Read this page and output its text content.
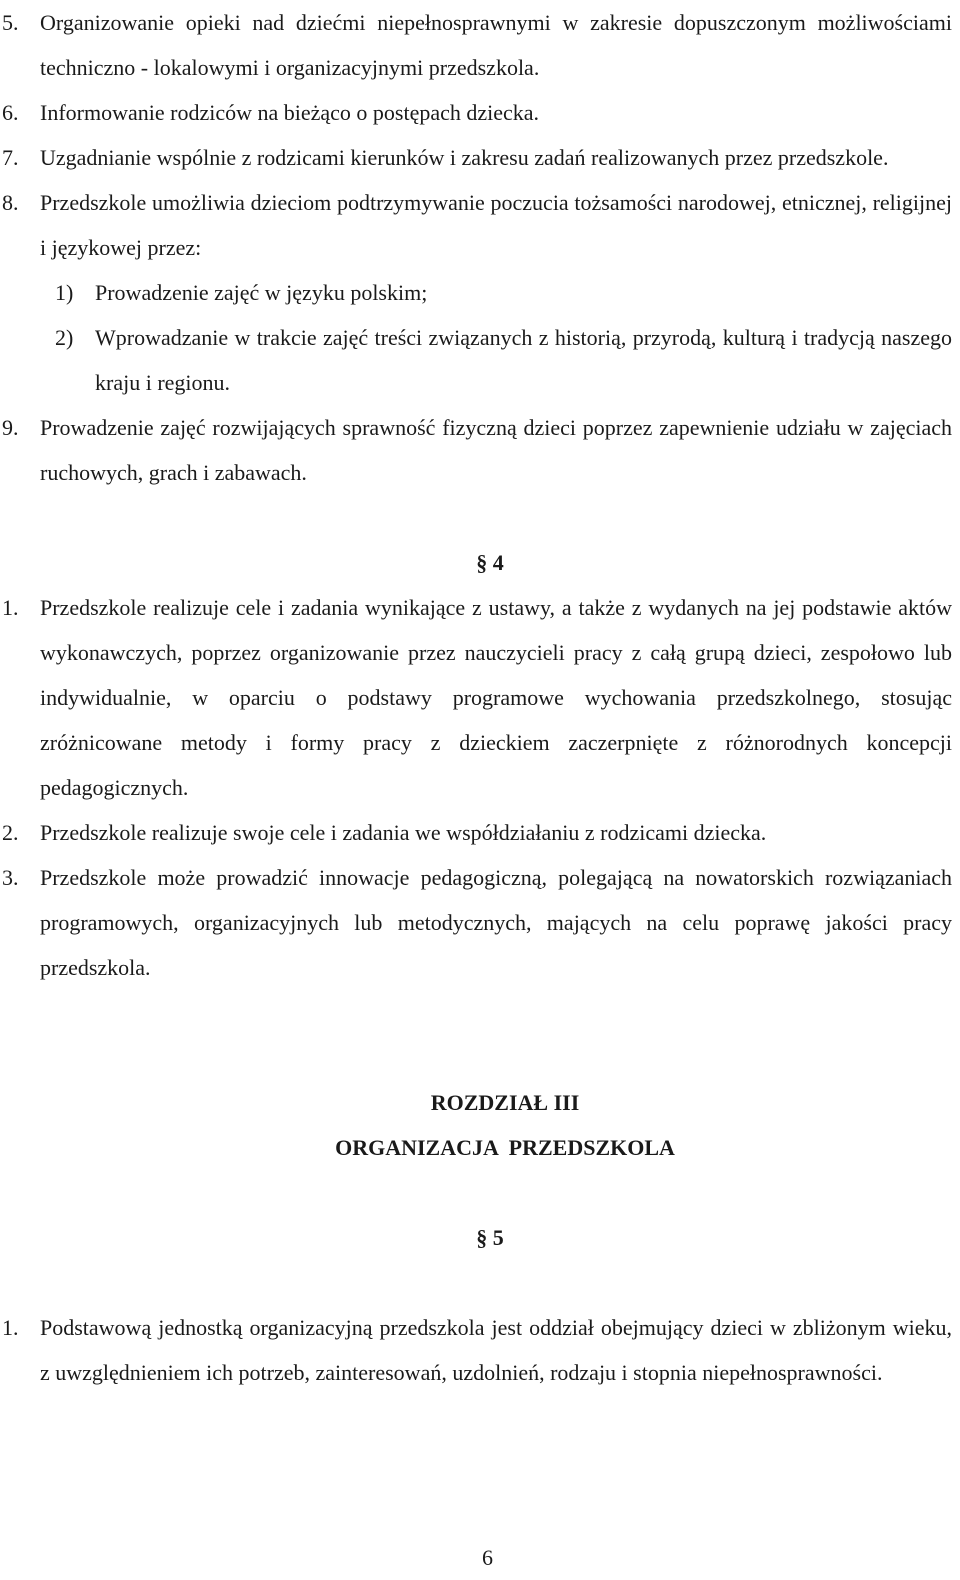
5. Organizowanie opieki nad dziećmi niepełnosprawnymi w zakresie dopuszczonym możliwościami techniczno - lokalowymi i organizacyjnymi przedszkola.
6. Informowanie rodziców na bieżąco o postępach dziecka.
7. Uzgadnianie wspólnie z rodzicami kierunków i zakresu zadań realizowanych przez przedszkole.
8. Przedszkole umożliwia dzieciom podtrzymywanie poczucia tożsamości narodowej, etnicznej, religijnej i językowej przez:
1) Prowadzenie zajęć w języku polskim;
2) Wprowadzanie w trakcie zajęć treści związanych z historią, przyrodą, kulturą i tradycją naszego kraju i regionu.
9. Prowadzenie zajęć rozwijających sprawność fizyczną dzieci poprzez zapewnienie udziału w zajęciach ruchowych, grach i zabawach.
§ 4
1. Przedszkole realizuje cele i zadania wynikające z ustawy, a także z wydanych na jej podstawie aktów wykonawczych, poprzez organizowanie przez nauczycieli pracy z całą grupą dzieci, zespołowo lub indywidualnie, w oparciu o podstawy programowe wychowania przedszkolnego, stosując zróżnicowane metody i formy pracy z dzieckiem zaczerpnięte z różnorodnych koncepcji pedagogicznych.
2. Przedszkole realizuje swoje cele i zadania we współdziałaniu z rodzicami dziecka.
3. Przedszkole może prowadzić innowacje pedagogiczną, polegającą na nowatorskich rozwiązaniach programowych, organizacyjnych lub metodycznych, mających na celu poprawę jakości pracy przedszkola.
ROZDZIAŁ III
ORGANIZACJA  PRZEDSZKOLA
§ 5
1. Podstawową jednostką organizacyjną przedszkola jest oddział obejmujący dzieci w zbliżonym wieku, z uwzględnieniem ich potrzeb, zainteresowań, uzdolnień, rodzaju i stopnia niepełnosprawności.
6
